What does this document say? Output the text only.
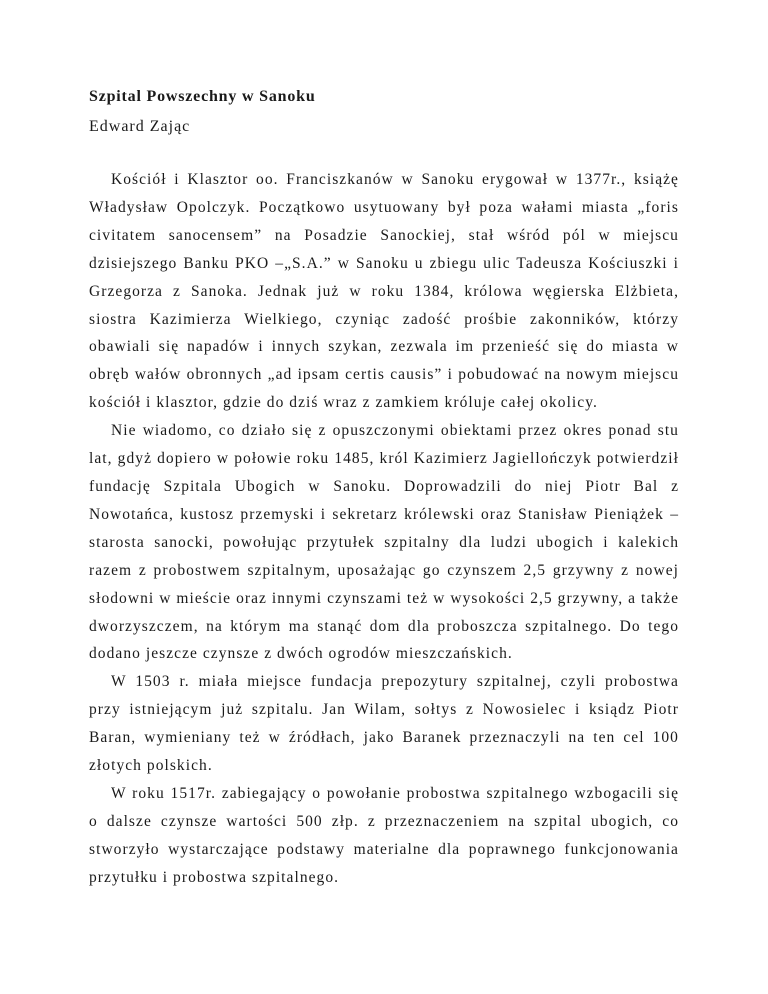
Szpital Powszechny w Sanoku

Edward Zając

Kościół i Klasztor oo. Franciszkanów w Sanoku erygował w 1377r., książę Władysław Opolczyk. Początkowo usytuowany był poza wałami miasta „foris civitatem sanocensem” na Posadzie Sanockiej, stał wśród pól w miejscu dzisiejszego Banku PKO –„S.A.” w Sanoku u zbiegu ulic Tadeusza Kościuszki i Grzegorza z Sanoka. Jednak już w roku 1384, królowa węgierska Elżbieta, siostra Kazimierza Wielkiego, czyniąc zadość prośbie zakonników, którzy obawiali się napadów i innych szykan, zezwala im przenieść się do miasta w obręb wałów obronnych „ad ipsam certis causis” i pobudować na nowym miejscu kościół i klasztor, gdzie do dziś wraz z zamkiem króluje całej okolicy.

Nie wiadomo, co działo się z opuszczonymi obiektami przez okres ponad stu lat, gdyż dopiero w połowie roku 1485, król Kazimierz Jagiellończyk potwierdził fundację Szpitala Ubogich w Sanoku. Doprowadzili do niej Piotr Bal z Nowotańca, kustosz przemyski i sekretarz królewski oraz Stanisław Pieniążek – starosta sanocki, powołując przytułek szpitalny dla ludzi ubogich i kalekich razem z probostwem szpitalnym, uposażając go czynszem 2,5 grzywny z nowej słodowni w mieście oraz innymi czynszami też w wysokości 2,5 grzywny, a także dworzyszczem, na którym ma stanąć dom dla proboszcza szpitalnego. Do tego dodano jeszcze czynsze z dwóch ogrodów mieszczańskich.

W 1503 r. miała miejsce fundacja prepozytury szpitalnej, czyli probostwa przy istniejącym już szpitalu. Jan Wilam, sołtys z Nowosielec i ksiądz Piotr Baran, wymieniany też w źródłach, jako Baranek przeznaczyli na ten cel 100 złotych polskich.

W roku 1517r. zabiegający o powołanie probostwa szpitalnego wzbogacili się o dalsze czynsze wartości 500 złp. z przeznaczeniem na szpital ubogich, co stworzyło wystarczające podstawy materialne dla poprawnego funkcjonowania przytułku i probostwa szpitalnego.
